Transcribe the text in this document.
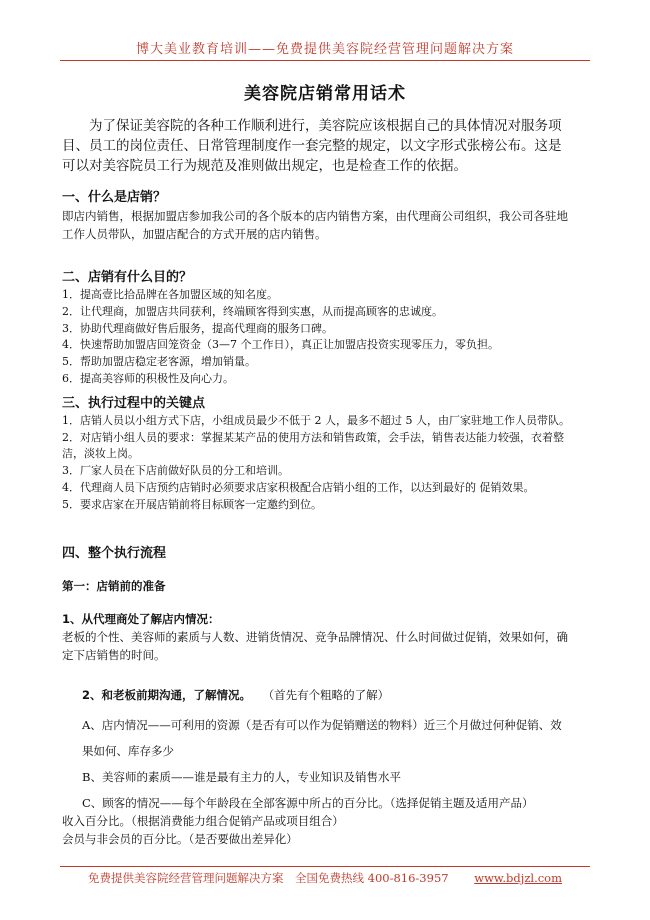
博大美业教育培训——免费提供美容院经营管理问题解决方案
美容院店销常用话术

为了保证美容院的各种工作顺利进行，美容院应该根据自己的具体情况对服务项目、员工的岗位责任、日常管理制度作一套完整的规定，以文字形式张榜公布。这是可以对美容院员工行为规范及准则做出规定，也是检查工作的依据。

一、什么是店销？

即店内销售，根据加盟店参加我公司的各个版本的店内销售方案，由代理商公司组织，我公司各驻地工作人员带队，加盟店配合的方式开展的店内销售。

二、店销有什么目的？
1．提高壹比拾品牌在各加盟区域的知名度。
2．让代理商，加盟店共同获利，终端顾客得到实惠，从而提高顾客的忠诚度。
3．协助代理商做好售后服务，提高代理商的服务口碑。
4．快速帮助加盟店回笼资金（3—7 个工作日），真正让加盟店投资实现零压力，零负担。
5．帮助加盟店稳定老客源，增加销量。
6．提高美容师的积极性及向心力。
三、执行过程中的关键点
1．店销人员以小组方式下店，小组成员最少不低于 2 人，最多不超过 5 人，由厂家驻地工作人员带队。
2．对店销小组人员的要求：掌握某某产品的使用方法和销售政策，会手法，销售表达能力较强，衣着整洁，淡妆上岗。
3．厂家人员在下店前做好队员的分工和培训。
4．代理商人员下店预约店销时必须要求店家积极配合店销小组的工作，以达到最好的 促销效果。
5．要求店家在开展店销前将目标顾客一定邀约到位。
四、整个执行流程
第一：店销前的准备
1、从代理商处了解店内情况：

老板的个性、美容师的素质与人数、进销货情况、竞争品牌情况、什么时间做过促销，效果如何，确定下店销售的时间。

2、和老板前期沟通，了解情况。 （首先有个粗略的了解）

A、店内情况——可利用的资源（是否有可以作为促销赠送的物料）近三个月做过何种促销、效果如何、库存多少

B、美容师的素质——谁是最有主力的人，专业知识及销售水平

C、顾客的情况——每个年龄段在全部客源中所占的百分比。（选择促销主题及适用产品）

收入百分比。（根据消费能力组合促销产品或项目组合）

会员与非会员的百分比。（是否要做出差异化）

免费提供美容院经营管理问题解决方案　全国免费热线 400-816-3957 www.bdjzl.com
